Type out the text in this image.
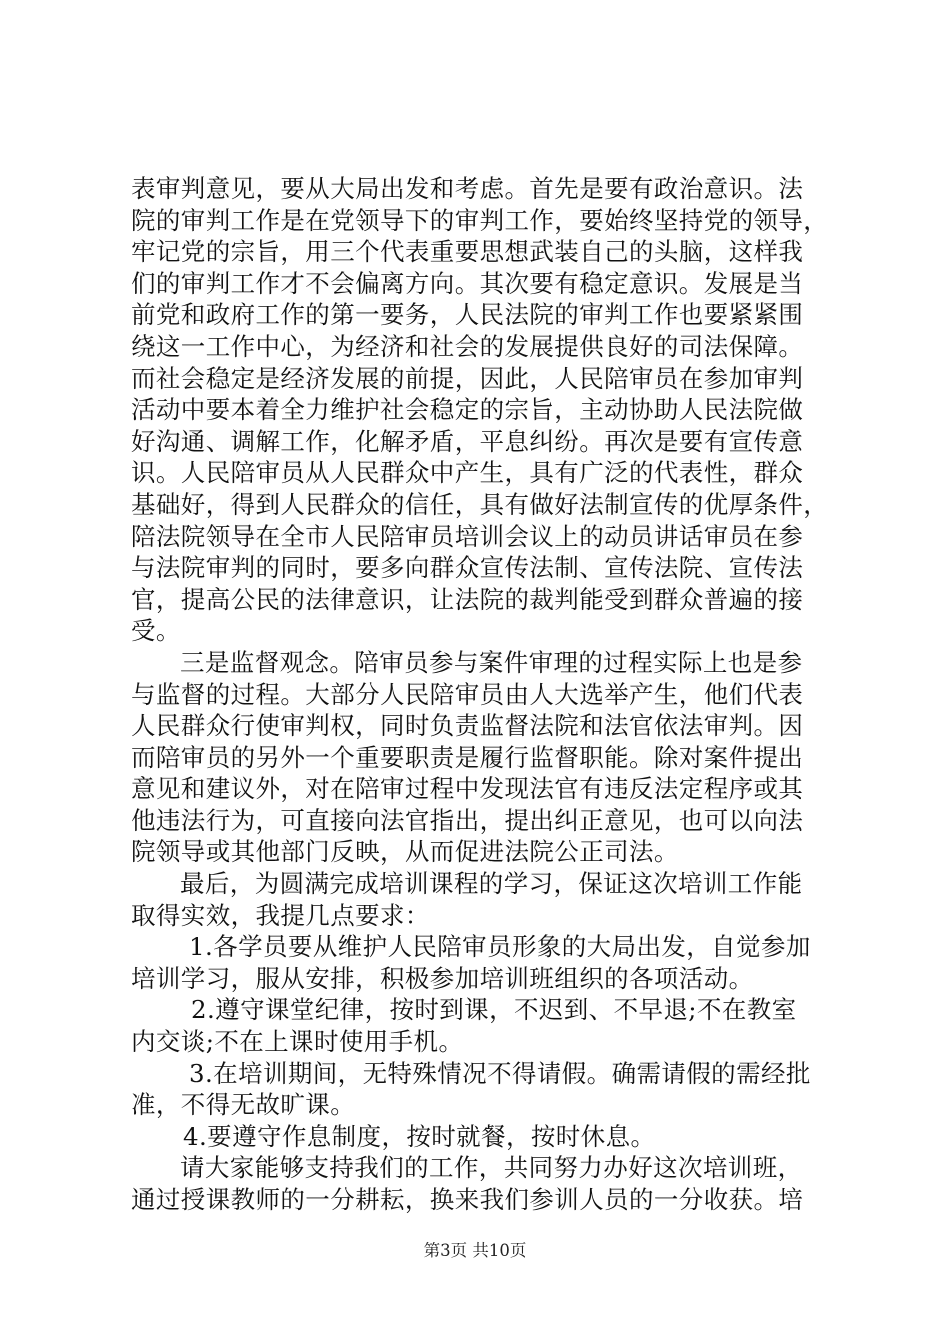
表审判意见，要从大局出发和考虑。首先是要有政治意识。法
院的审判工作是在党领导下的审判工作，要始终坚持党的领导，
牢记党的宗旨，用三个代表重要思想武装自己的头脑，这样我
们的审判工作才不会偏离方向。其次要有稳定意识。发展是当
前党和政府工作的第一要务，人民法院的审判工作也要紧紧围
绕这一工作中心，为经济和社会的发展提供良好的司法保障。
而社会稳定是经济发展的前提，因此，人民陪审员在参加审判
活动中要本着全力维护社会稳定的宗旨，主动协助人民法院做
好沟通、调解工作，化解矛盾，平息纠纷。再次是要有宣传意
识。人民陪审员从人民群众中产生，具有广泛的代表性，群众
基础好，得到人民群众的信任，具有做好法制宣传的优厚条件，
陪法院领导在全市人民陪审员培训会议上的动员讲话审员在参
与法院审判的同时，要多向群众宣传法制、宣传法院、宣传法
官，提高公民的法律意识，让法院的裁判能受到群众普遍的接
受。
三是监督观念。陪审员参与案件审理的过程实际上也是参
与监督的过程。大部分人民陪审员由人大选举产生，他们代表
人民群众行使审判权，同时负责监督法院和法官依法审判。因
而陪审员的另外一个重要职责是履行监督职能。除对案件提出
意见和建议外，对在陪审过程中发现法官有违反法定程序或其
他违法行为，可直接向法官指出，提出纠正意见，也可以向法
院领导或其他部门反映，从而促进法院公正司法。
最后，为圆满完成培训课程的学习，保证这次培训工作能
取得实效，我提几点要求：
1.各学员要从维护人民陪审员形象的大局出发，自觉参加
培训学习，服从安排，积极参加培训班组织的各项活动。
2.遵守课堂纪律，按时到课，不迟到、不早退;不在教室
内交谈;不在上课时使用手机。
3.在培训期间，无特殊情况不得请假。确需请假的需经批
准，不得无故旷课。
4.要遵守作息制度，按时就餐，按时休息。
请大家能够支持我们的工作，共同努力办好这次培训班，
通过授课教师的一分耕耘，换来我们参训人员的一分收获。培
第3页 共10页
